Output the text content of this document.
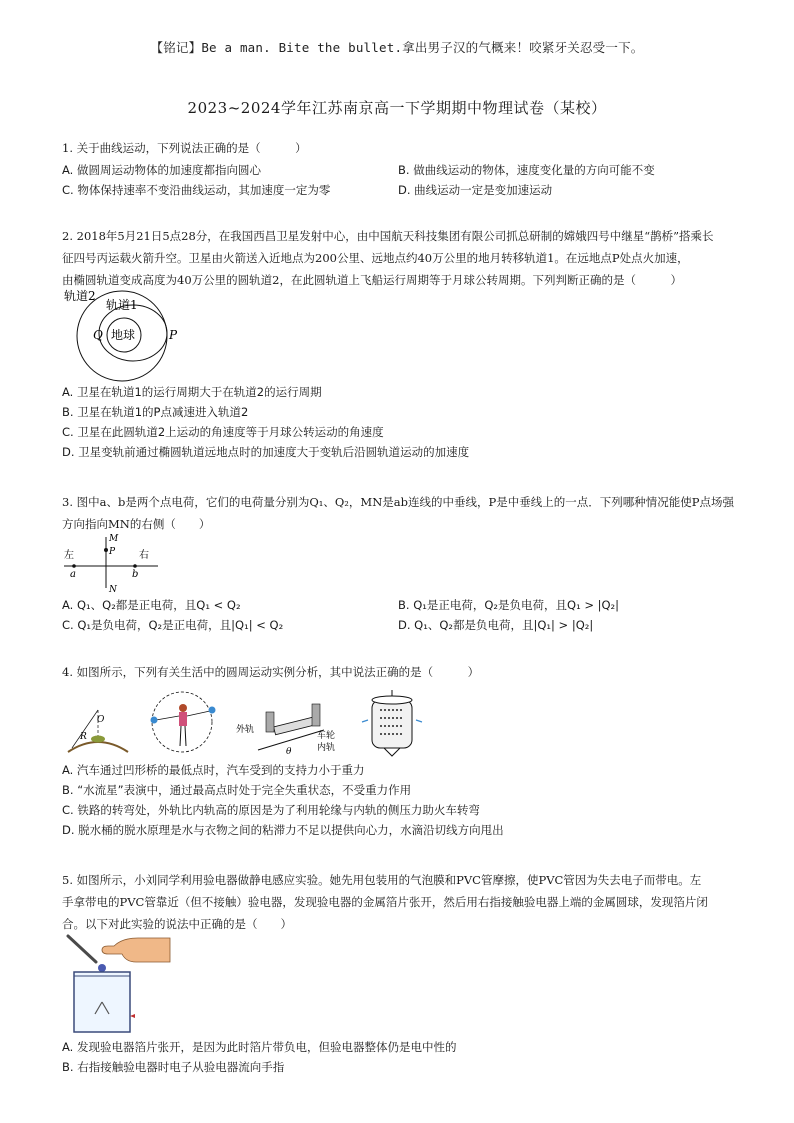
【铭记】Be a man. Bite the bullet.拿出男子汉的气概来！咬紧牙关忍受一下。
2023~2024学年江苏南京高一下学期期中物理试卷（某校）
1. 关于曲线运动，下列说法正确的是（　　　）
A. 做圆周运动物体的加速度都指向圆心	B. 做曲线运动的物体，速度变化量的方向可能不变
C. 物体保持速率不变沿曲线运动，其加速度一定为零	D. 曲线运动一定是变加速运动
2. 2018年5月21日5点28分，在我国西昌卫星发射中心，由中国航天科技集团有限公司抓总研制的嫦娥四号中继星“鹊桥”搭乘长
征四号丙运载火箭升空。卫星由火箭送入近地点为200公里、远地点约40万公里的地月转移轨道1。在远地点P处点火加速，
由椭圆轨道变成高度为40万公里的圆轨道2，在此圆轨道上飞船运行周期等于月球公转周期。下列判断正确的是（　　　）
轨道2
轨道1
地球
Q	P
A. 卫星在轨道1的运行周期大于在轨道2的运行周期
B. 卫星在轨道1的P点减速进入轨道2
C. 卫星在此圆轨道2上运动的角速度等于月球公转运动的角速度
D. 卫星变轨前通过椭圆轨道远地点时的加速度大于变轨后沿圆轨道运动的加速度
3. 图中a、b是两个点电荷，它们的电荷量分别为Q₁、Q₂，MN是ab连线的中垂线，P是中垂线上的一点．下列哪种情况能使P点场强
方向指向MN的右侧（　　）
左	右
M
P
N
a	b
A. Q₁、Q₂都是正电荷，且Q₁ < Q₂	B. Q₁是正电荷，Q₂是负电荷，且Q₁ > |Q₂|
C. Q₁是负电荷，Q₂是正电荷，且|Q₁| < Q₂	D. Q₁、Q₂都是负电荷，且|Q₁| > |Q₂|
4. 如图所示，下列有关生活中的圆周运动实例分析，其中说法正确的是（　　　）
O
R
外轨
车轮
内轨
θ
A. 汽车通过凹形桥的最低点时，汽车受到的支持力小于重力
B. “水流星”表演中，通过最高点时处于完全失重状态，不受重力作用
C. 铁路的转弯处，外轨比内轨高的原因是为了利用轮缘与内轨的侧压力助火车转弯
D. 脱水桶的脱水原理是水与衣物之间的粘滞力不足以提供向心力，水滴沿切线方向甩出
5. 如图所示，小刘同学利用验电器做静电感应实验。她先用包装用的气泡膜和PVC管摩擦，使PVC管因为失去电子而带电。左
手拿带电的PVC管靠近（但不接触）验电器，发现验电器的金属箔片张开，然后用右指接触验电器上端的金属圆球，发现箔片闭
合。以下对此实验的说法中正确的是（　　）
A. 发现验电器箔片张开，是因为此时箔片带负电，但验电器整体仍是电中性的
B. 右指接触验电器时电子从验电器流向手指
